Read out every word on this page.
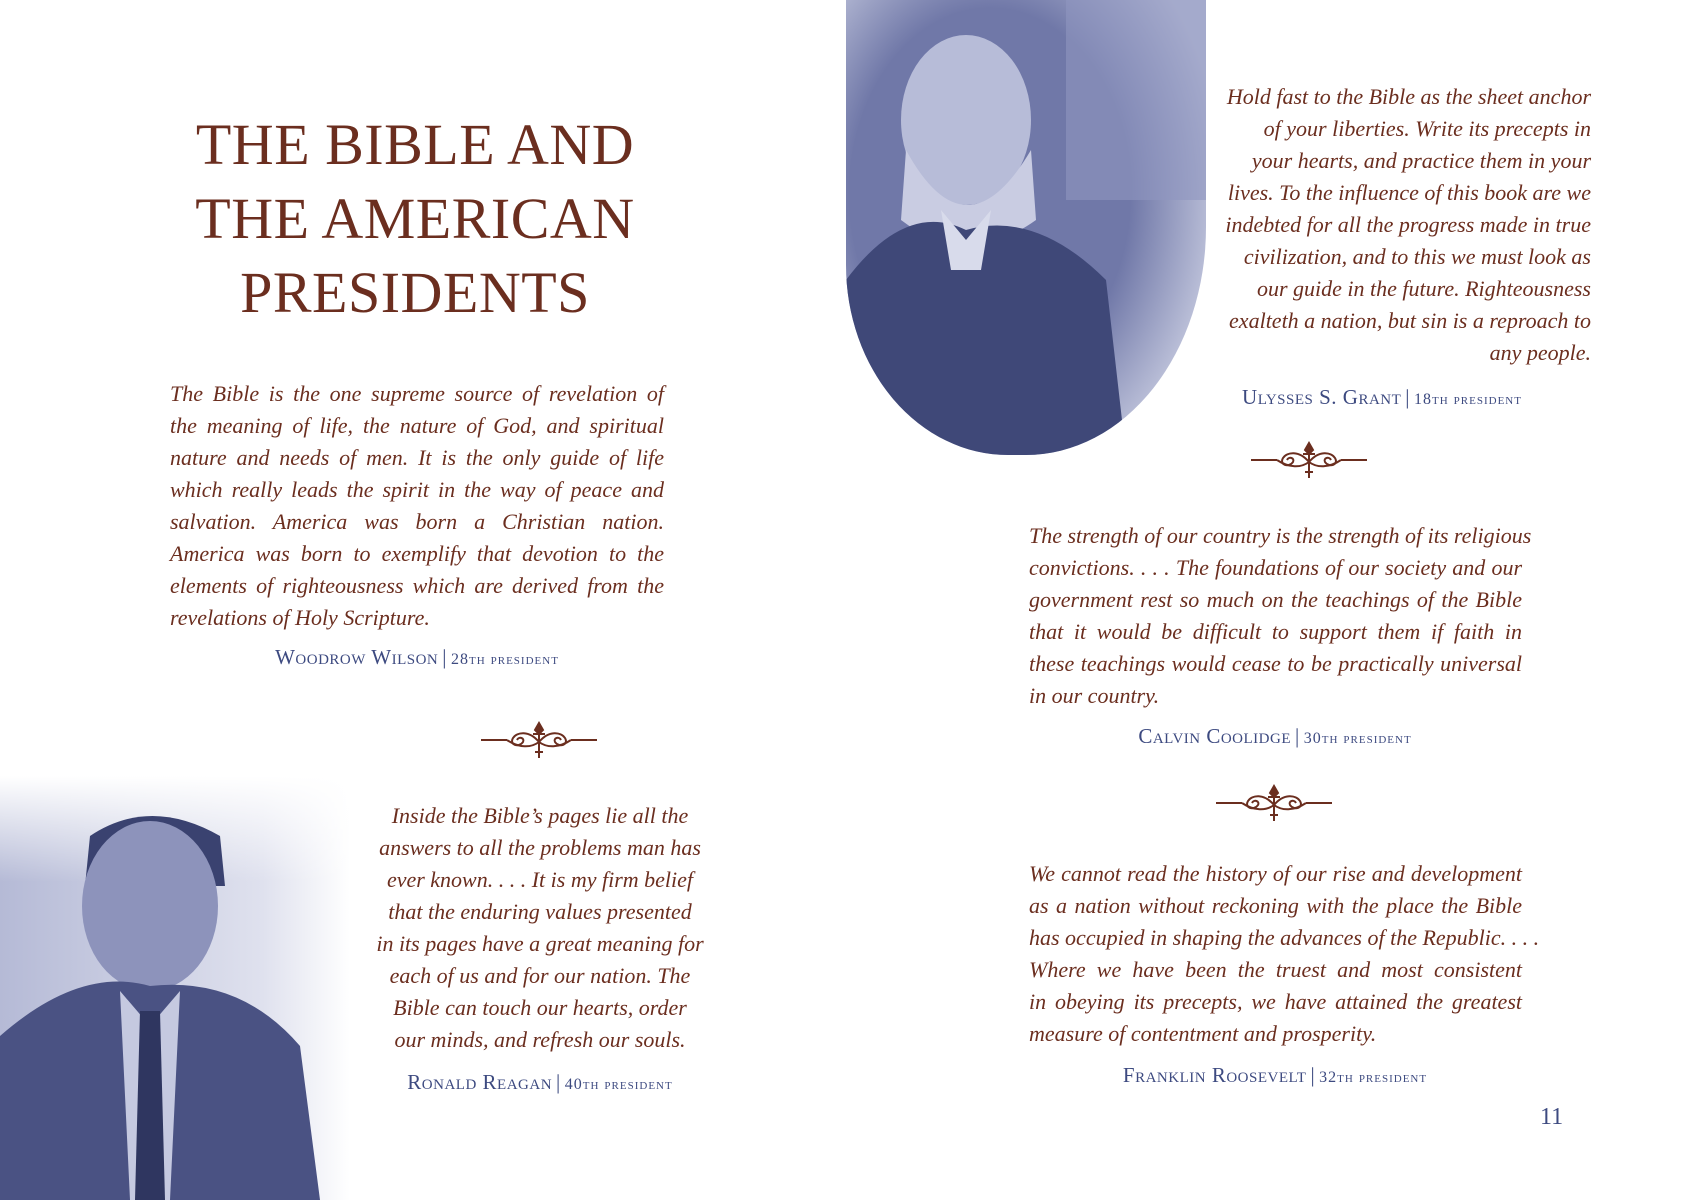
THE BIBLE AND
THE AMERICAN
PRESIDENTS
The Bible is the one supreme source of revelation of
the meaning of life, the nature of God, and spiritual
nature and needs of men. It is the only guide of life
which really leads the spirit in the way of peace and
salvation. America was born a Christian nation.
America was born to exemplify that devotion to the
elements of righteousness which are derived from the
revelations of Holy Scripture.
Inside the Bible’s pages lie all the
answers to all the problems man has
ever known. . . . It is my firm belief
that the enduring values presented
in its pages have a great meaning for
each of us and for our nation. The
Bible can touch our hearts, order
our minds, and refresh our souls.
Hold fast to the Bible as the sheet anchor
of your liberties. Write its precepts in
your hearts, and practice them in your
lives. To the influence of this book are we
indebted for all the progress made in true
civilization, and to this we must look as
our guide in the future. Righteousness
exalteth a nation, but sin is a reproach to
any people.
The strength of our country is the strength of its religious
convictions. . . . The foundations of our society and our
government rest so much on the teachings of the Bible
that it would be difficult to support them if faith in
these teachings would cease to be practically universal
in our country.
We cannot read the history of our rise and development
as a nation without reckoning with the place the Bible
has occupied in shaping the advances of the Republic. . . .
Where we have been the truest and most consistent
in obeying its precepts, we have attained the greatest
measure of contentment and prosperity.
Woodrow Wilson | 28th president
Ronald Reagan | 40th president
Ulysses S. Grant | 18th president
Calvin Coolidge | 30th president
Franklin Roosevelt | 32th president
11
